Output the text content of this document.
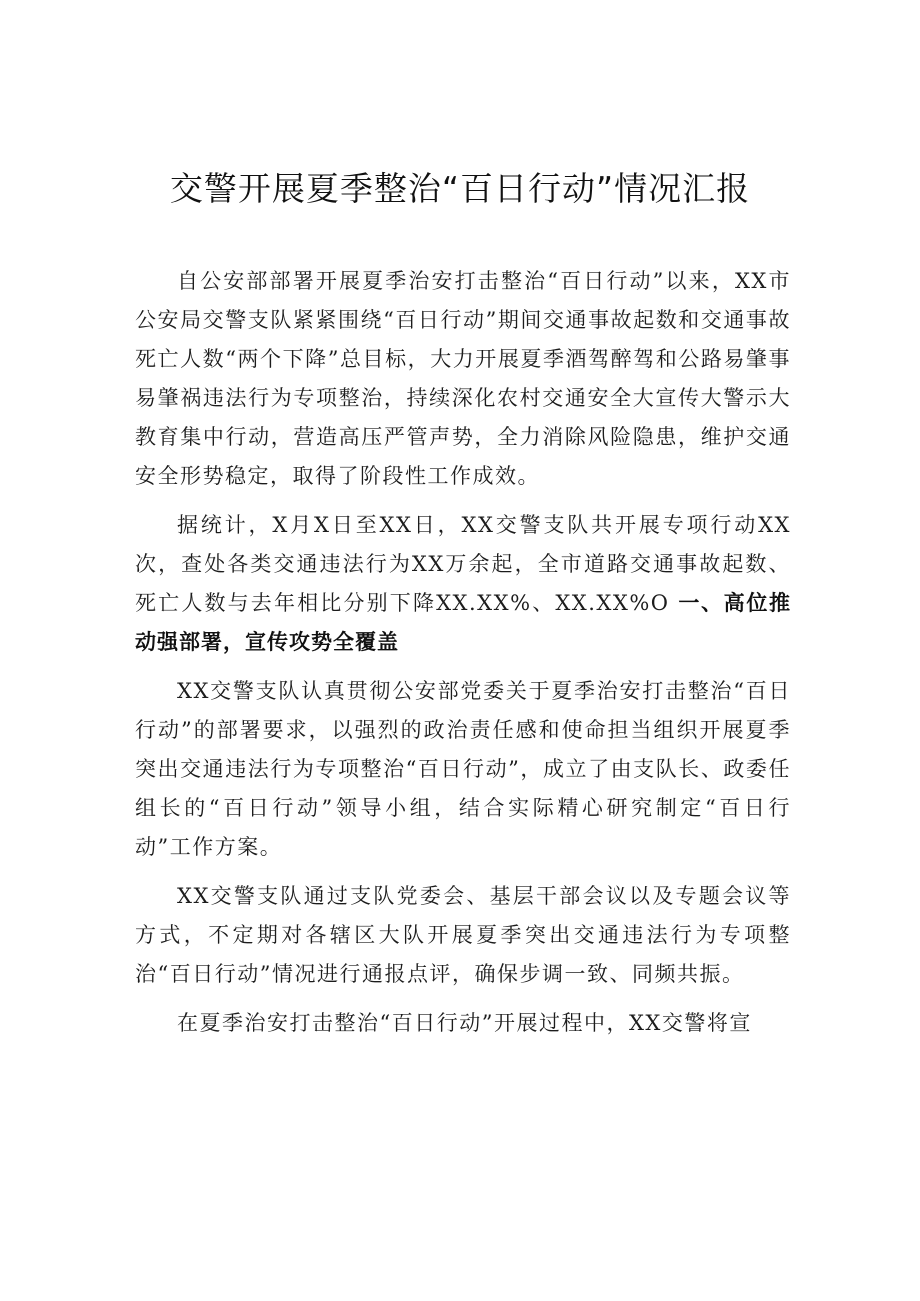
交警开展夏季整治“百日行动”情况汇报

自公安部部署开展夏季治安打击整治“百日行动”以来，XX市公安局交警支队紧紧围绕“百日行动”期间交通事故起数和交通事故死亡人数“两个下降”总目标，大力开展夏季酒驾醉驾和公路易肇事易肇祸违法行为专项整治，持续深化农村交通安全大宣传大警示大教育集中行动，营造高压严管声势，全力消除风险隐患，维护交通安全形势稳定，取得了阶段性工作成效。

据统计，X月X日至XX日，XX交警支队共开展专项行动XX次，查处各类交通违法行为XX万余起，全市道路交通事故起数、死亡人数与去年相比分别下降XX.XX%、XX.XX%O 一、高位推动强部署，宣传攻势全覆盖

XX交警支队认真贯彻公安部党委关于夏季治安打击整治“百日行动”的部署要求，以强烈的政治责任感和使命担当组织开展夏季突出交通违法行为专项整治“百日行动”，成立了由支队长、政委任组长的“百日行动”领导小组，结合实际精心研究制定“百日行动”工作方案。

XX交警支队通过支队党委会、基层干部会议以及专题会议等方式，不定期对各辖区大队开展夏季突出交通违法行为专项整治“百日行动”情况进行通报点评，确保步调一致、同频共振。

在夏季治安打击整治“百日行动”开展过程中，XX交警将宣
